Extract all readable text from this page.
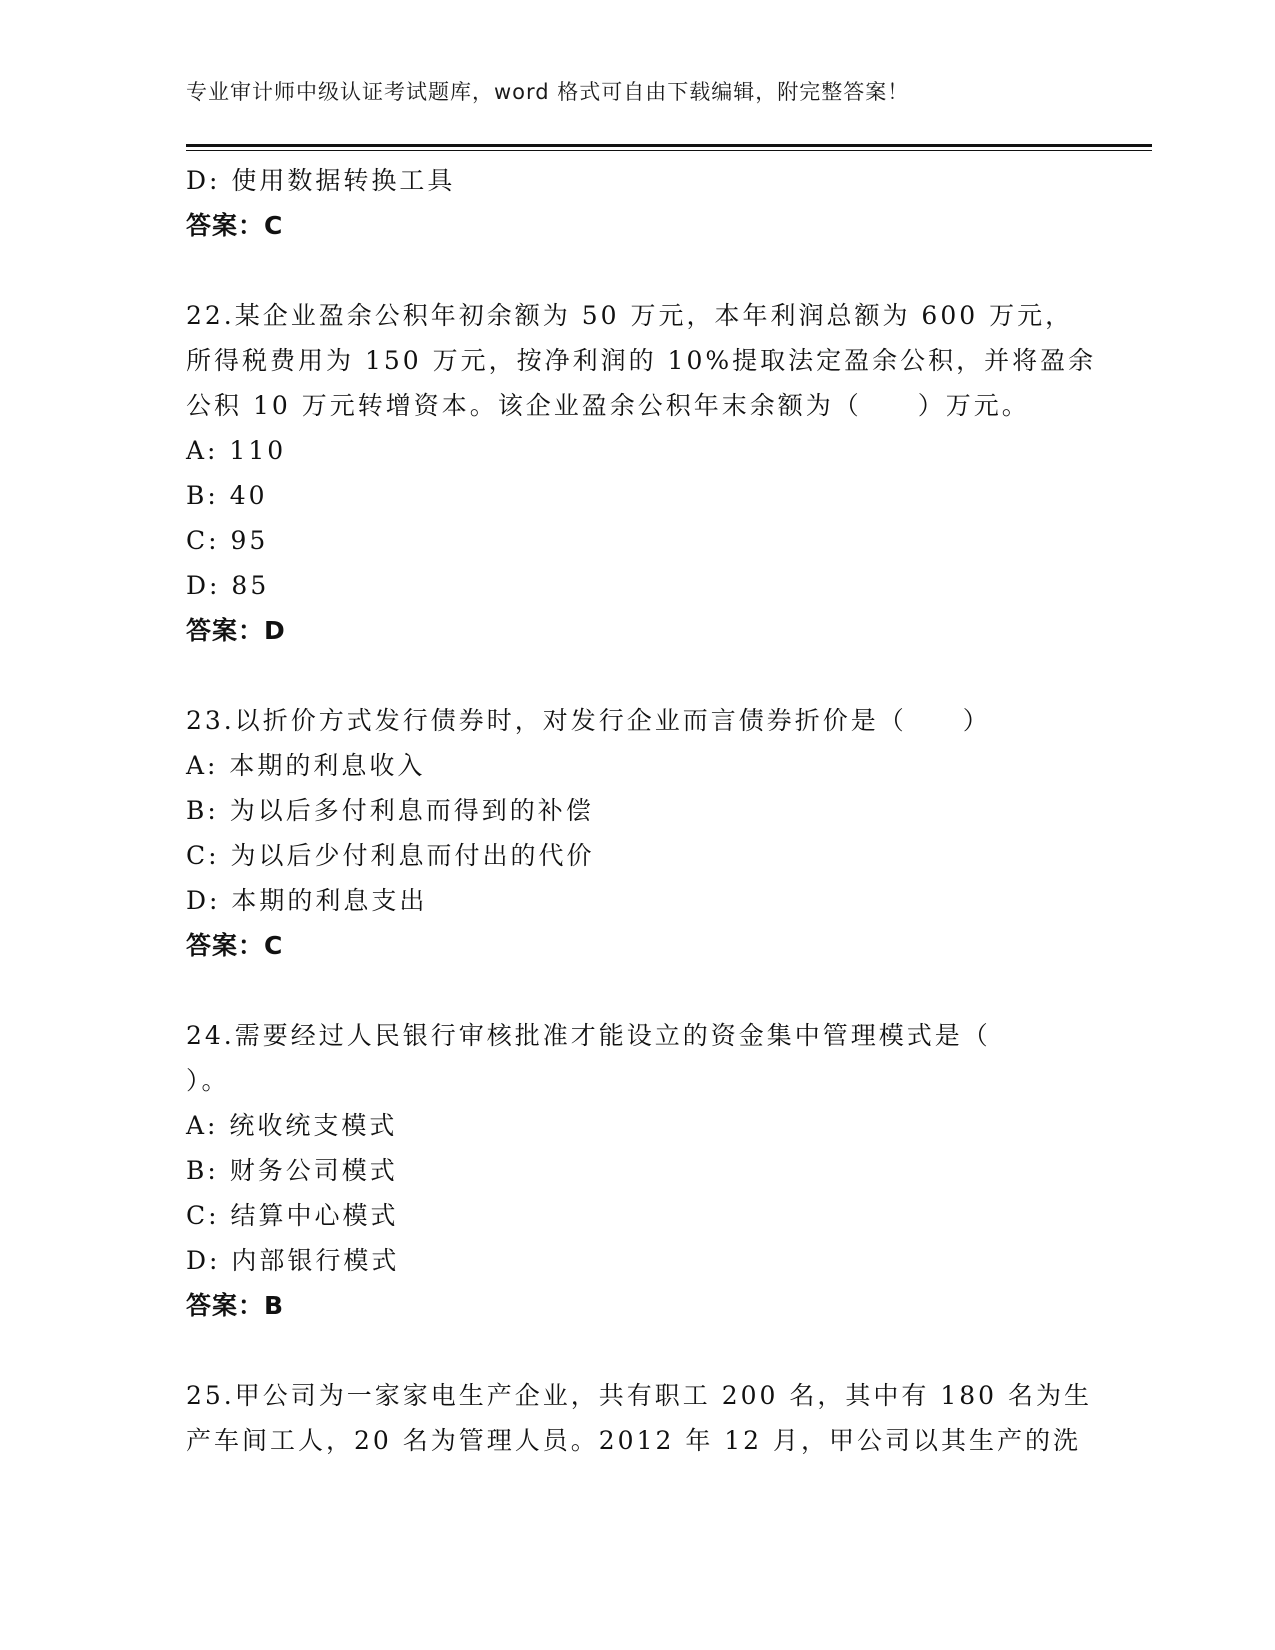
专业审计师中级认证考试题库，word 格式可自由下载编辑，附完整答案！
D: 使用数据转换工具
答案：C
22.某企业盈余公积年初余额为 50 万元，本年利润总额为 600 万元，
所得税费用为 150 万元，按净利润的 10%提取法定盈余公积，并将盈余
公积 10 万元转增资本。该企业盈余公积年末余额为（　　）万元。
A: 110
B: 40
C: 95
D: 85
答案：D
23.以折价方式发行债券时，对发行企业而言债券折价是（　　）
A: 本期的利息收入
B: 为以后多付利息而得到的补偿
C: 为以后少付利息而付出的代价
D: 本期的利息支出
答案：C
24.需要经过人民银行审核批准才能设立的资金集中管理模式是（
）。
A: 统收统支模式
B: 财务公司模式
C: 结算中心模式
D: 内部银行模式
答案：B
25.甲公司为一家家电生产企业，共有职工 200 名，其中有 180 名为生
产车间工人，20 名为管理人员。2012 年 12 月，甲公司以其生产的洗
